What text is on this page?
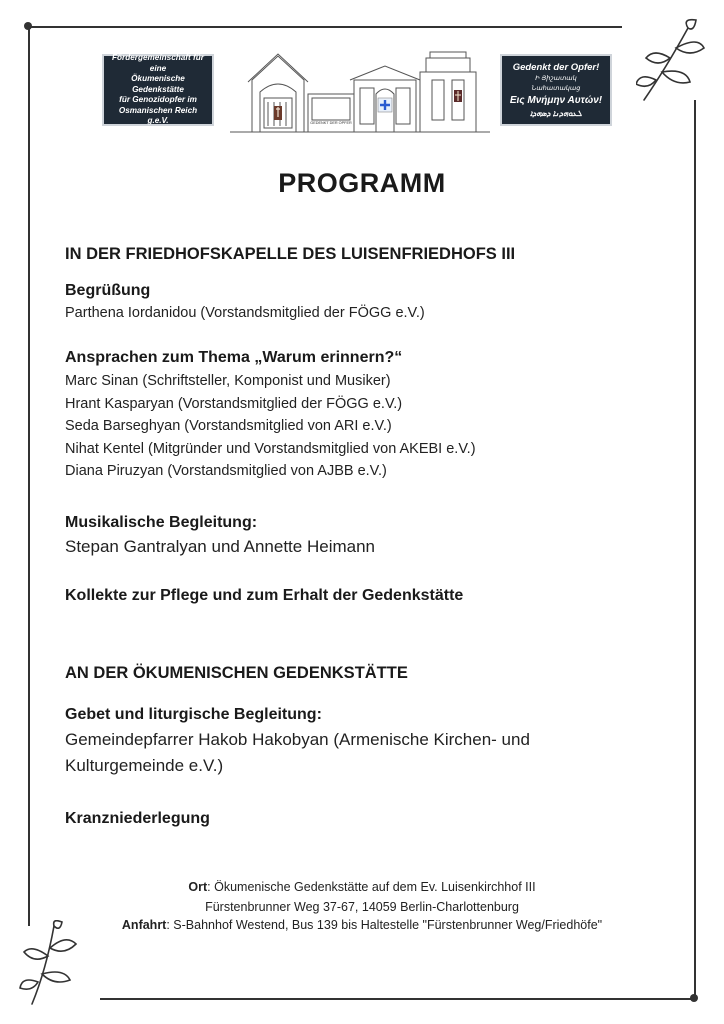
Fördergemeinschaft für eine
Ökumenische Gedenkstätte
für Genozidopfer im
Osmanischen Reich g.e.V.	GEDENKT DER OPFER
Gedenkt der Opfer!
Ի Յիշատակ
Նահատակաց
Εις Μνήμην Αυτών!
ܠܥܘܗܕܢܐ ܕܣܗܕܐ
PROGRAMM
IN DER FRIEDHOFSKAPELLE DES LUISENFRIEDHOFS III
Begrüßung
Parthena Iordanidou (Vorstandsmitglied der FÖGG e.V.)
Ansprachen zum Thema „Warum erinnern?“
Marc Sinan (Schriftsteller, Komponist und Musiker)
Hrant Kasparyan (Vorstandsmitglied der FÖGG e.V.)
Seda Barseghyan (Vorstandsmitglied von ARI e.V.)
Nihat Kentel (Mitgründer und Vorstandsmitglied von AKEBI e.V.)
Diana Piruzyan (Vorstandsmitglied von AJBB e.V.)
Musikalische Begleitung:
Stepan Gantralyan und Annette Heimann
Kollekte zur Pflege und zum Erhalt der Gedenkstätte
AN DER ÖKUMENISCHEN GEDENKSTÄTTE
Gebet und liturgische Begleitung:
Gemeindepfarrer Hakob Hakobyan (Armenische Kirchen- und
Kulturgemeinde e.V.)
Kranzniederlegung
Ort: Ökumenische Gedenkstätte auf dem Ev. Luisenkirchhof III
Fürstenbrunner Weg 37-67, 14059 Berlin-Charlottenburg
Anfahrt: S-Bahnhof Westend, Bus 139 bis Haltestelle "Fürstenbrunner Weg/Friedhöfe"
